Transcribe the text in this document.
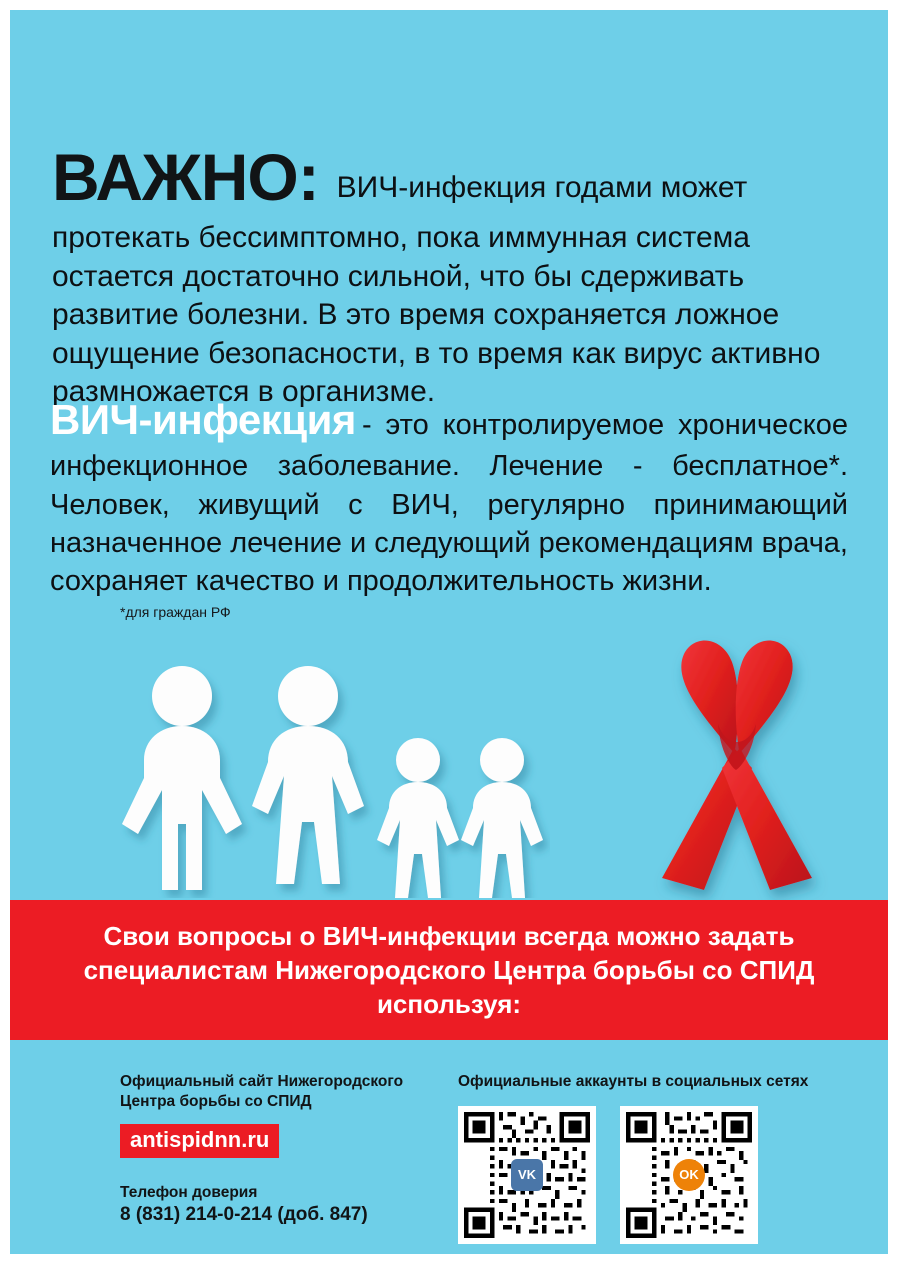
ВАЖНО: ВИЧ-инфекция годами может протекать бессимптомно, пока иммунная система остается достаточно сильной, что бы сдерживать развитие болезни. В это время сохраняется ложное ощущение безопасности, в то время как вирус активно размножается в организме.
ВИЧ-инфекция - это контролируемое хроническое инфекционное заболевание. Лечение - бесплатное*. Человек, живущий с ВИЧ, регулярно принимающий назначенное лечение и следующий рекомендациям врача, сохраняет качество и продолжительность жизни.
*для граждан РФ
Свои вопросы о ВИЧ-инфекции всегда можно задать специалистам Нижегородского Центра борьбы со СПИД используя:
Официальный сайт Нижегородского Центра борьбы со СПИД
antispidnn.ru
Телефон доверия
8 (831) 214-0-214 (доб. 847)
Официальные аккаунты в социальных сетях
VK	OK
